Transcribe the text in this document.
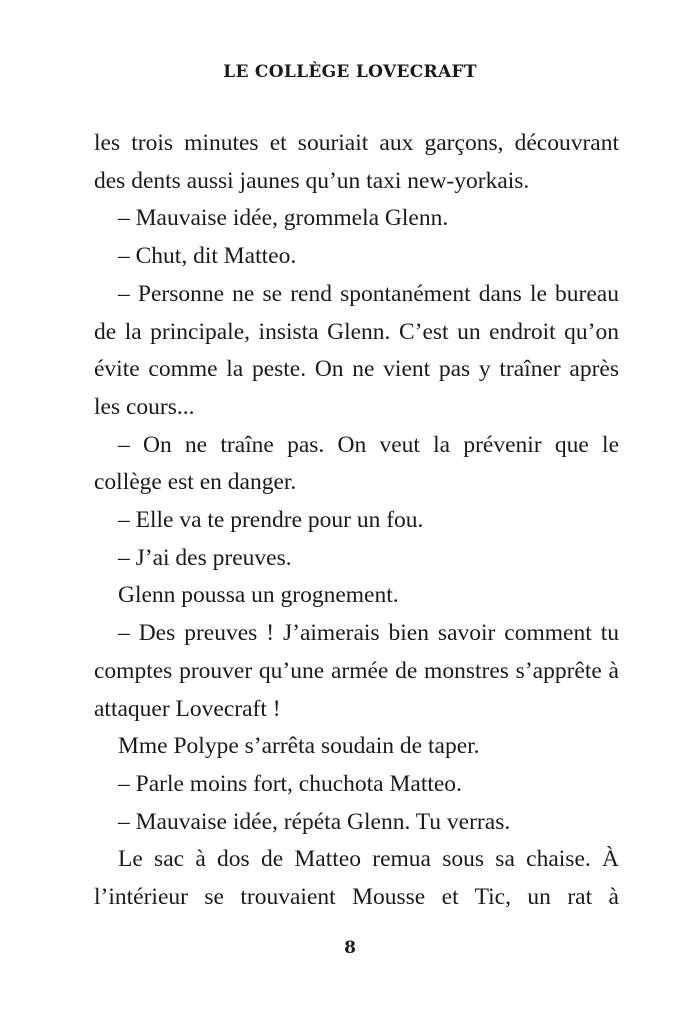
LE COLLÈGE LOVECRAFT

les trois minutes et souriait aux garçons, découvrant des dents aussi jaunes qu’un taxi new-yorkais.

– Mauvaise idée, grommela Glenn.

– Chut, dit Matteo.

– Personne ne se rend spontanément dans le bureau de la principale, insista Glenn. C’est un endroit qu’on évite comme la peste. On ne vient pas y traîner après les cours...

– On ne traîne pas. On veut la prévenir que le collège est en danger.

– Elle va te prendre pour un fou.

– J’ai des preuves.

Glenn poussa un grognement.

– Des preuves ! J’aimerais bien savoir comment tu comptes prouver qu’une armée de monstres s’apprête à attaquer Lovecraft !

Mme Polype s’arrêta soudain de taper.

– Parle moins fort, chuchota Matteo.

– Mauvaise idée, répéta Glenn. Tu verras.

Le sac à dos de Matteo remua sous sa chaise. À l’intérieur se trouvaient Mousse et Tic, un rat à

8
